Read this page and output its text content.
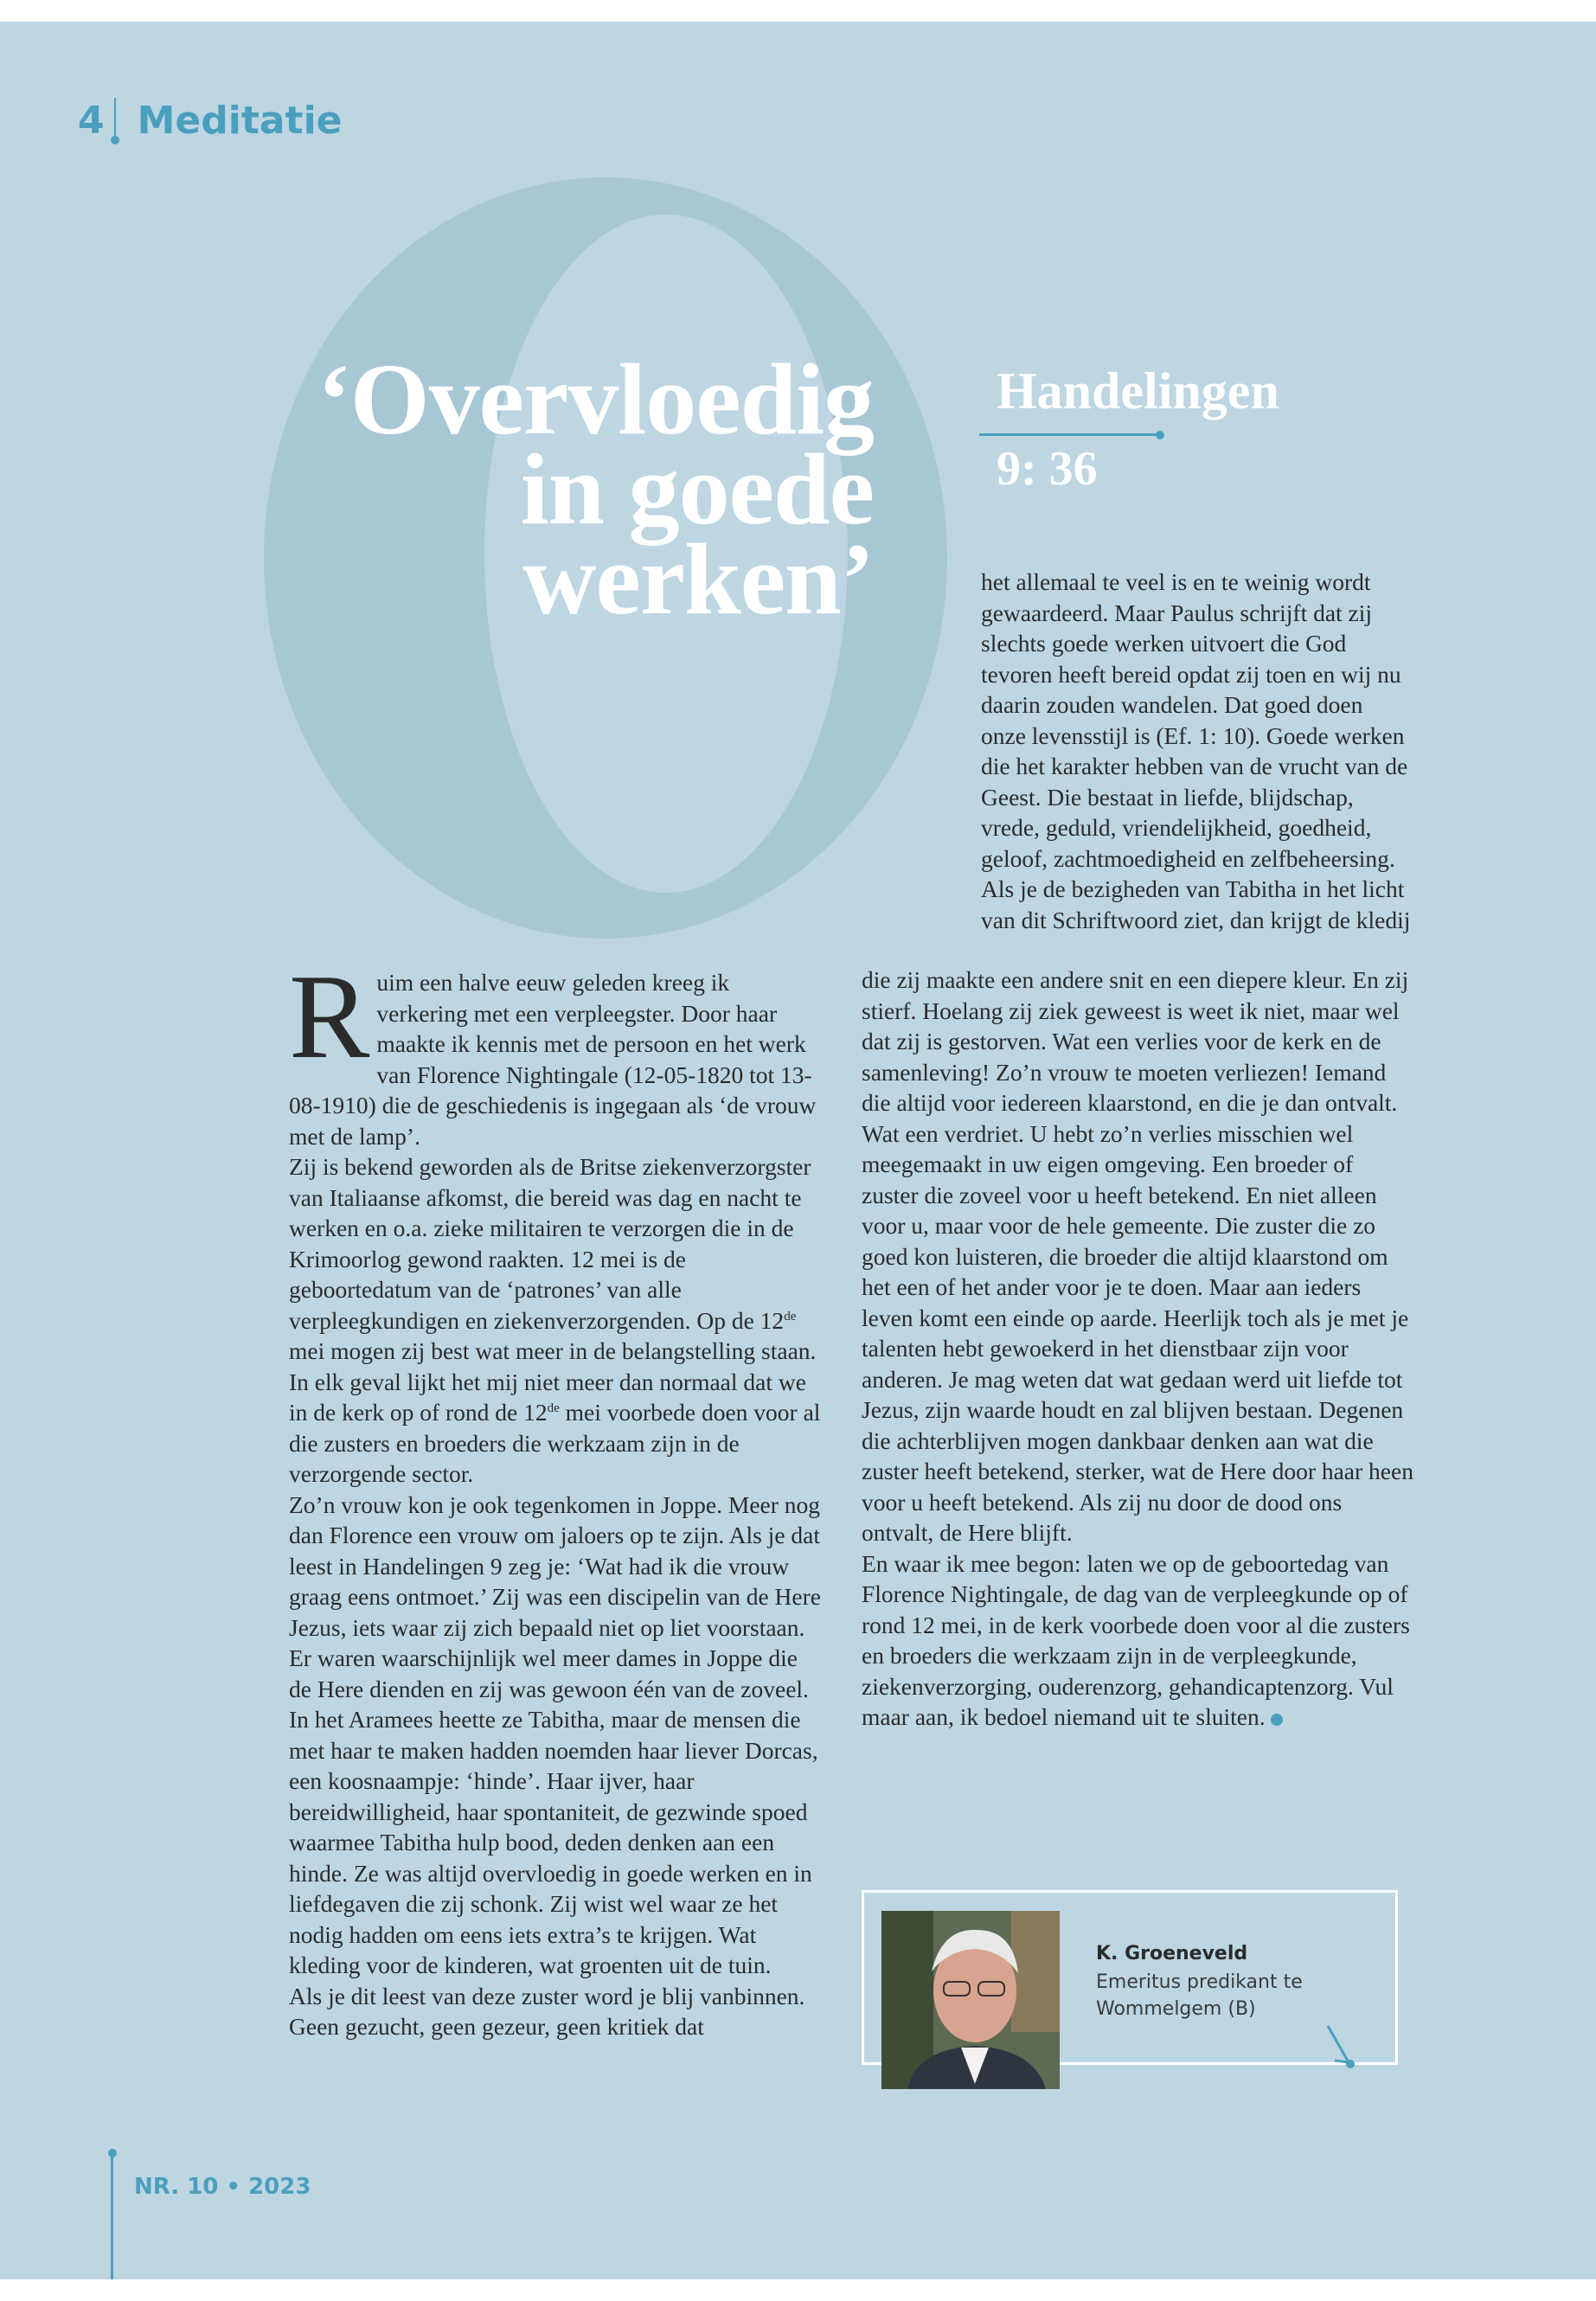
4 Meditatie
‘Overvloedig
in goede
werken’
Handelingen
9: 36

het allemaal te veel is en te weinig wordt gewaardeerd. Maar Paulus schrijft dat zij slechts goede werken uitvoert die God tevoren heeft bereid opdat zij toen en wij nu daarin zouden wandelen. Dat goed doen onze levensstijl is (Ef. 1: 10). Goede werken die het karakter hebben van de vrucht van de Geest. Die bestaat in liefde, blijdschap, vrede, geduld, vriendelijkheid, goedheid, geloof, zachtmoedigheid en zelfbeheersing. Als je de bezigheden van Tabitha in het licht van dit Schriftwoord ziet, dan krijgt de kledij

Ruim een halve eeuw geleden kreeg ik verkering met een verpleegster. Door haar maakte ik kennis met de persoon en het werk van Florence Nightingale (12-05-1820 tot 13-08-1910) die de geschiedenis is ingegaan als ‘de vrouw met de lamp’.

Zij is bekend geworden als de Britse ziekenverzorgster van Italiaanse afkomst, die bereid was dag en nacht te werken en o.a. zieke militairen te verzorgen die in de Krimoorlog gewond raakten. 12 mei is de geboortedatum van de ‘patrones’ van alle verpleegkundigen en ziekenverzorgenden. Op de 12de mei mogen zij best wat meer in de belangstelling staan. In elk geval lijkt het mij niet meer dan normaal dat we in de kerk op of rond de 12de mei voorbede doen voor al die zusters en broeders die werkzaam zijn in de verzorgende sector.

Zo’n vrouw kon je ook tegenkomen in Joppe. Meer nog dan Florence een vrouw om jaloers op te zijn. Als je dat leest in Handelingen 9 zeg je: ‘Wat had ik die vrouw graag eens ontmoet.’ Zij was een discipelin van de Here Jezus, iets waar zij zich bepaald niet op liet voorstaan. Er waren waarschijnlijk wel meer dames in Joppe die de Here dienden en zij was gewoon één van de zoveel.

In het Aramees heette ze Tabitha, maar de mensen die met haar te maken hadden noemden haar liever Dorcas, een koosnaampje: ‘hinde’. Haar ijver, haar bereidwilligheid, haar spontaniteit, de gezwinde spoed waarmee Tabitha hulp bood, deden denken aan een hinde. Ze was altijd overvloedig in goede werken en in liefdegaven die zij schonk. Zij wist wel waar ze het nodig hadden om eens iets extra’s te krijgen. Wat kleding voor de kinderen, wat groenten uit de tuin.

Als je dit leest van deze zuster word je blij vanbinnen. Geen gezucht, geen gezeur, geen kritiek dat

die zij maakte een andere snit en een diepere kleur. En zij stierf. Hoelang zij ziek geweest is weet ik niet, maar wel dat zij is gestorven. Wat een verlies voor de kerk en de samenleving! Zo’n vrouw te moeten verliezen! Iemand die altijd voor iedereen klaarstond, en die je dan ontvalt. Wat een verdriet. U hebt zo’n verlies misschien wel meegemaakt in uw eigen omgeving. Een broeder of zuster die zoveel voor u heeft betekend. En niet alleen voor u, maar voor de hele gemeente. Die zuster die zo goed kon luisteren, die broeder die altijd klaarstond om het een of het ander voor je te doen. Maar aan ieders leven komt een einde op aarde. Heerlijk toch als je met je talenten hebt gewoekerd in het dienstbaar zijn voor anderen. Je mag weten dat wat gedaan werd uit liefde tot Jezus, zijn waarde houdt en zal blijven bestaan. Degenen die achterblijven mogen dankbaar denken aan wat die zuster heeft betekend, sterker, wat de Here door haar heen voor u heeft betekend. Als zij nu door de dood ons ontvalt, de Here blijft.

En waar ik mee begon: laten we op de geboortedag van Florence Nightingale, de dag van de verpleegkunde op of rond 12 mei, in de kerk voorbede doen voor al die zusters en broeders die werkzaam zijn in de verpleegkunde, ziekenverzorging, ouderenzorg, gehandicaptenzorg. Vul maar aan, ik bedoel niemand uit te sluiten.

K. Groeneveld
Emeritus predikant te Wommelgem (B)
NR. 10 • 2023
